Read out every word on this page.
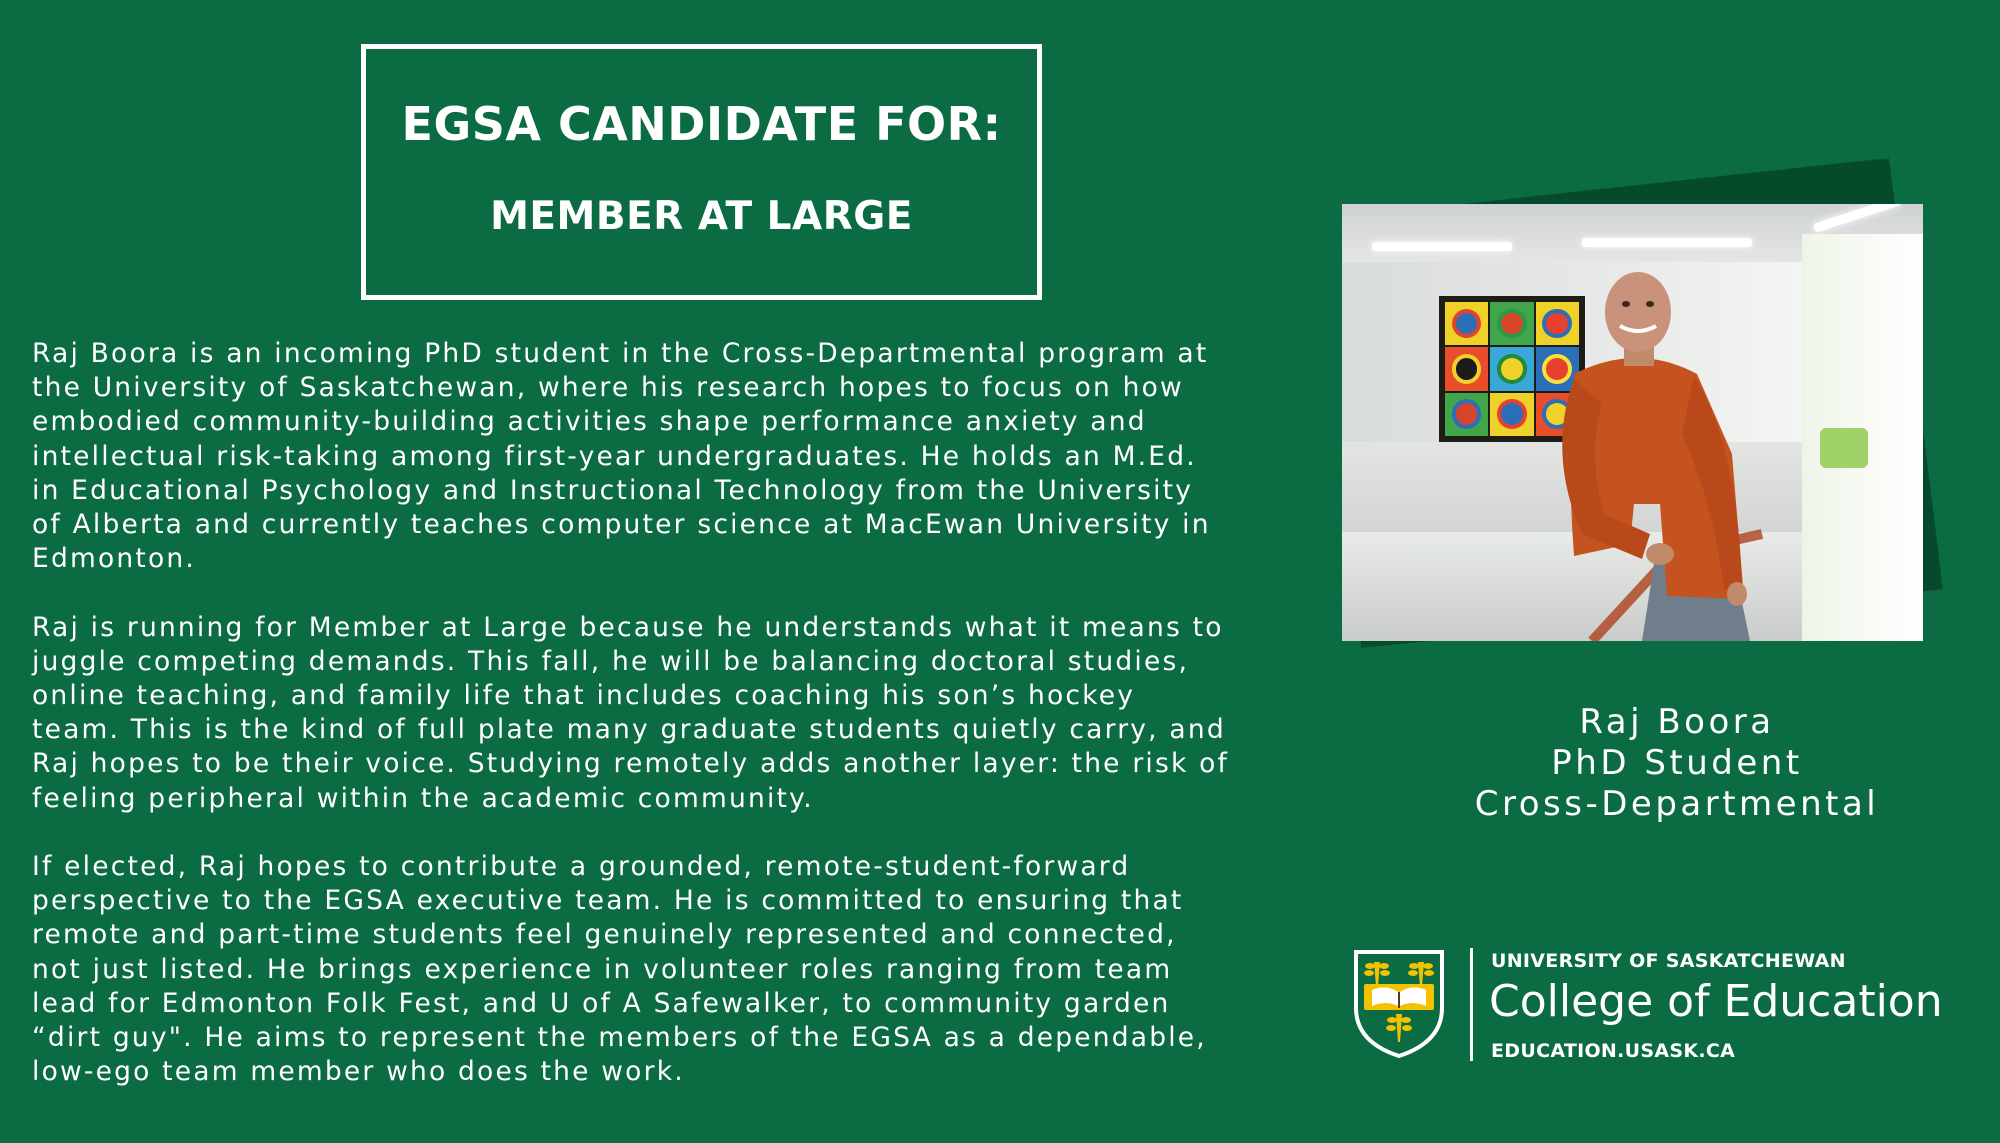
EGSA CANDIDATE FOR:
MEMBER AT LARGE

Raj Boora is an incoming PhD student in the Cross-Departmental program at
the University of Saskatchewan, where his research hopes to focus on how
embodied community-building activities shape performance anxiety and
intellectual risk-taking among first-year undergraduates. He holds an M.Ed.
in Educational Psychology and Instructional Technology from the University
of Alberta and currently teaches computer science at MacEwan University in
Edmonton.

Raj is running for Member at Large because he understands what it means to
juggle competing demands. This fall, he will be balancing doctoral studies,
online teaching, and family life that includes coaching his son’s hockey
team. This is the kind of full plate many graduate students quietly carry, and
Raj hopes to be their voice. Studying remotely adds another layer: the risk of
feeling peripheral within the academic community.

If elected, Raj hopes to contribute a grounded, remote-student-forward
perspective to the EGSA executive team. He is committed to ensuring that
remote and part-time students feel genuinely represented and connected,
not just listed. He brings experience in volunteer roles ranging from team
lead for Edmonton Folk Fest, and U of A Safewalker, to community garden
“dirt guy". He aims to represent the members of the EGSA as a dependable,
low-ego team member who does the work.

Raj Boora
PhD Student
Cross-Departmental
UNIVERSITY OF SASKATCHEWAN
College of Education
EDUCATION.USASK.CA
